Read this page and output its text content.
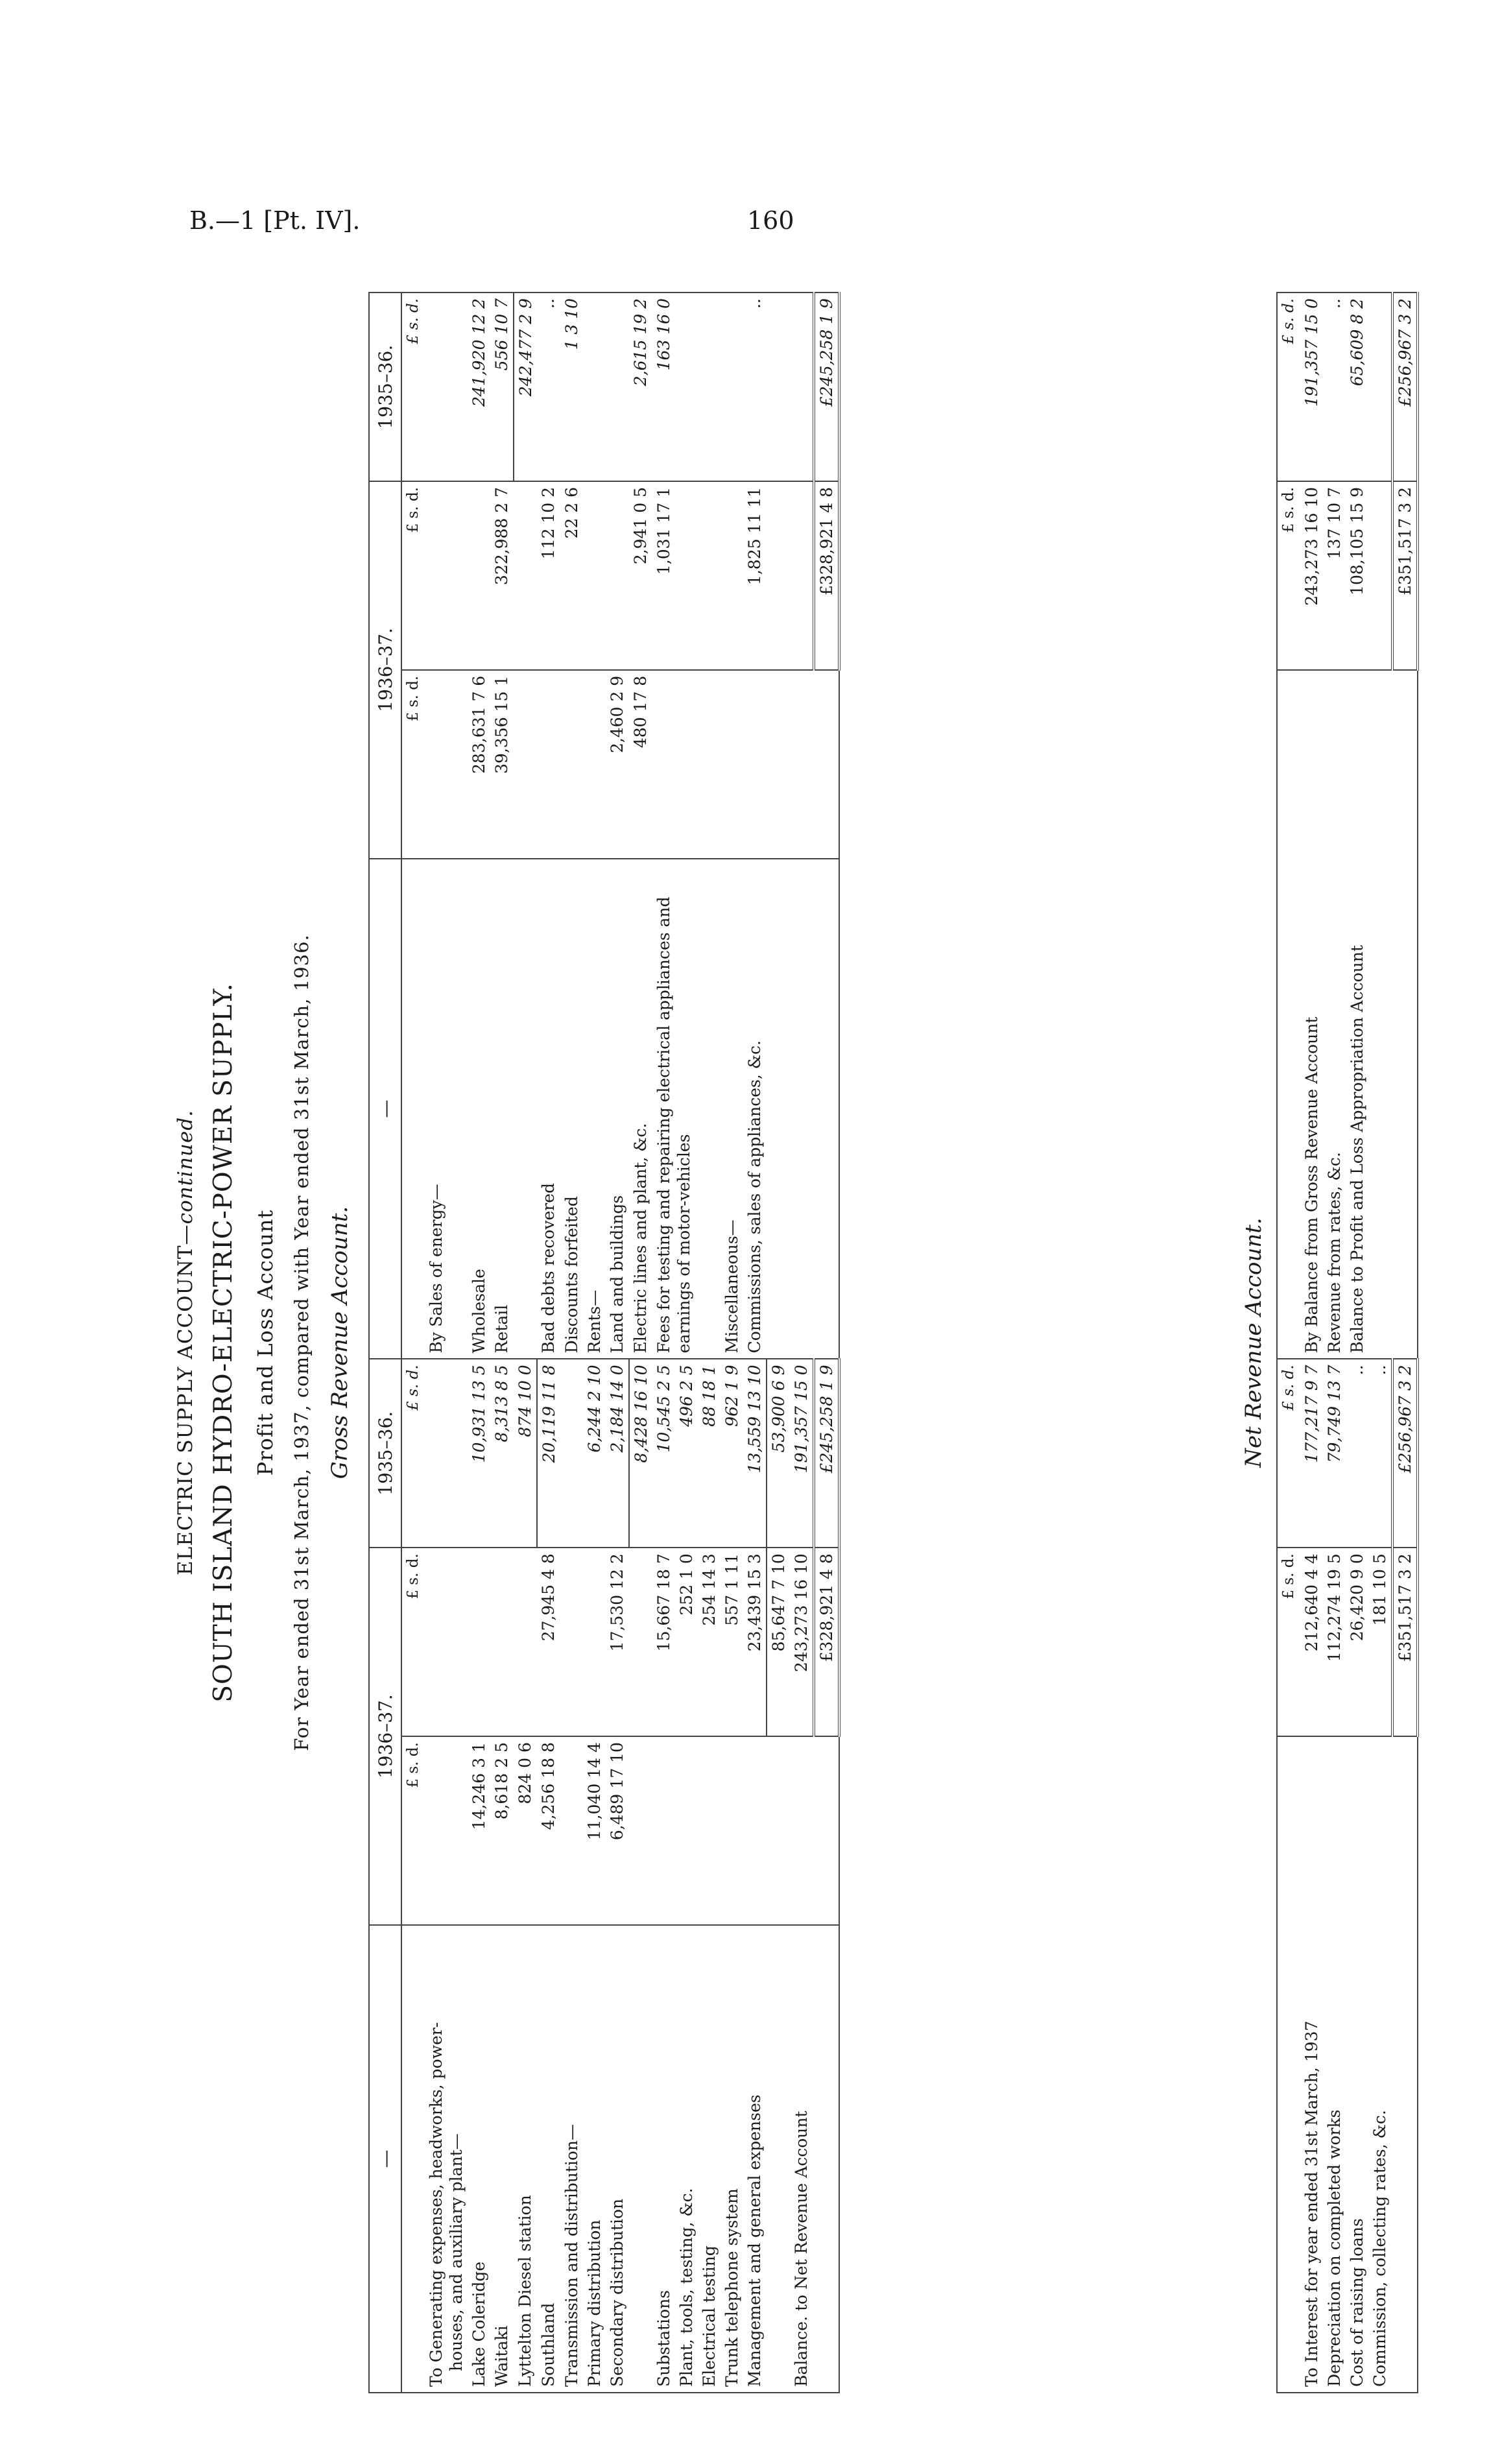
B.—1 [Pt. IV].	160
ELECTRIC SUPPLY ACCOUNT—continued. SOUTH ISLAND HYDRO-ELECTRIC-POWER SUPPLY. Profit and Loss Account For Year ended 31st March, 1937, compared with Year ended 31st March, 1936. Gross Revenue Account.
—	1936–37.		1935–36.	—	1936–37.		1935–36.
	£ s. d.	£ s. d.	£ s. d.		£ s. d.	£ s. d.	£ s. d.
To Generating expenses, headworks, power-
houses, and auxiliary plant—				By Sales of energy—			
Lake Coleridge	14,246 3 1		10,931 13 5	Wholesale	283,631 7 6		241,920 12 2
Waitaki	8,618 2 5		8,313 8 5	Retail	39,356 15 1	322,988 2 7	556 10 7
Lyttelton Diesel station	824 0 6		874 10 0				242,477 2 9
Southland	4,256 18 8	27,945 4 8	20,119 11 8	Bad debts recovered		112 10 2	..
Transmission and distribution—				Discounts forfeited		22 2 6	1 3 10
Primary distribution	11,040 14 4		6,244 2 10	Rents—			
Secondary distribution	6,489 17 10	17,530 12 2	2,184 14 0	Land and buildings	2,460 2 9		
			8,428 16 10	Electric lines and plant, &c.	480 17 8	2,941 0 5	2,615 19 2
Substations		15,667 18 7	10,545 2 5	Fees for testing and repairing electrical appliances and earnings of motor-vehicles		1,031 17 1	163 16 0
Plant, tools, testing, &c.		252 1 0	496 2 5				
Electrical testing		254 14 3	88 18 1				
Trunk telephone system		557 1 11	962 1 9	Miscellaneous—			
Management and general expenses		23,439 15 3	13,559 13 10	Commissions, sales of appliances, &c.		1,825 11 11	..
		85,647 7 10	53,900 6 9				
Balance. to Net Revenue Account		243,273 16 10	191,357 15 0				
		£328,921 4 8	£245,258 1 9			£328,921 4 8	£245,258 1 9
Net Revenue Account.
	£ s. d.	£ s. d.		£ s. d.	£ s. d.
To Interest for year ended 31st March, 1937	212,640 4 4	177,217 9 7	By Balance from Gross Revenue Account	243,273 16 10	191,357 15 0
Depreciation on completed works	112,274 19 5	79,749 13 7	Revenue from rates, &c.	137 10 7	..
Cost of raising loans	26,420 9 0	..	Balance to Profit and Loss Appropriation Account	108,105 15 9	65,609 8 2
Commission, collecting rates, &c.	181 10 5	..			
	£351,517 3 2	£256,967 3 2		£351,517 3 2	£256,967 3 2
